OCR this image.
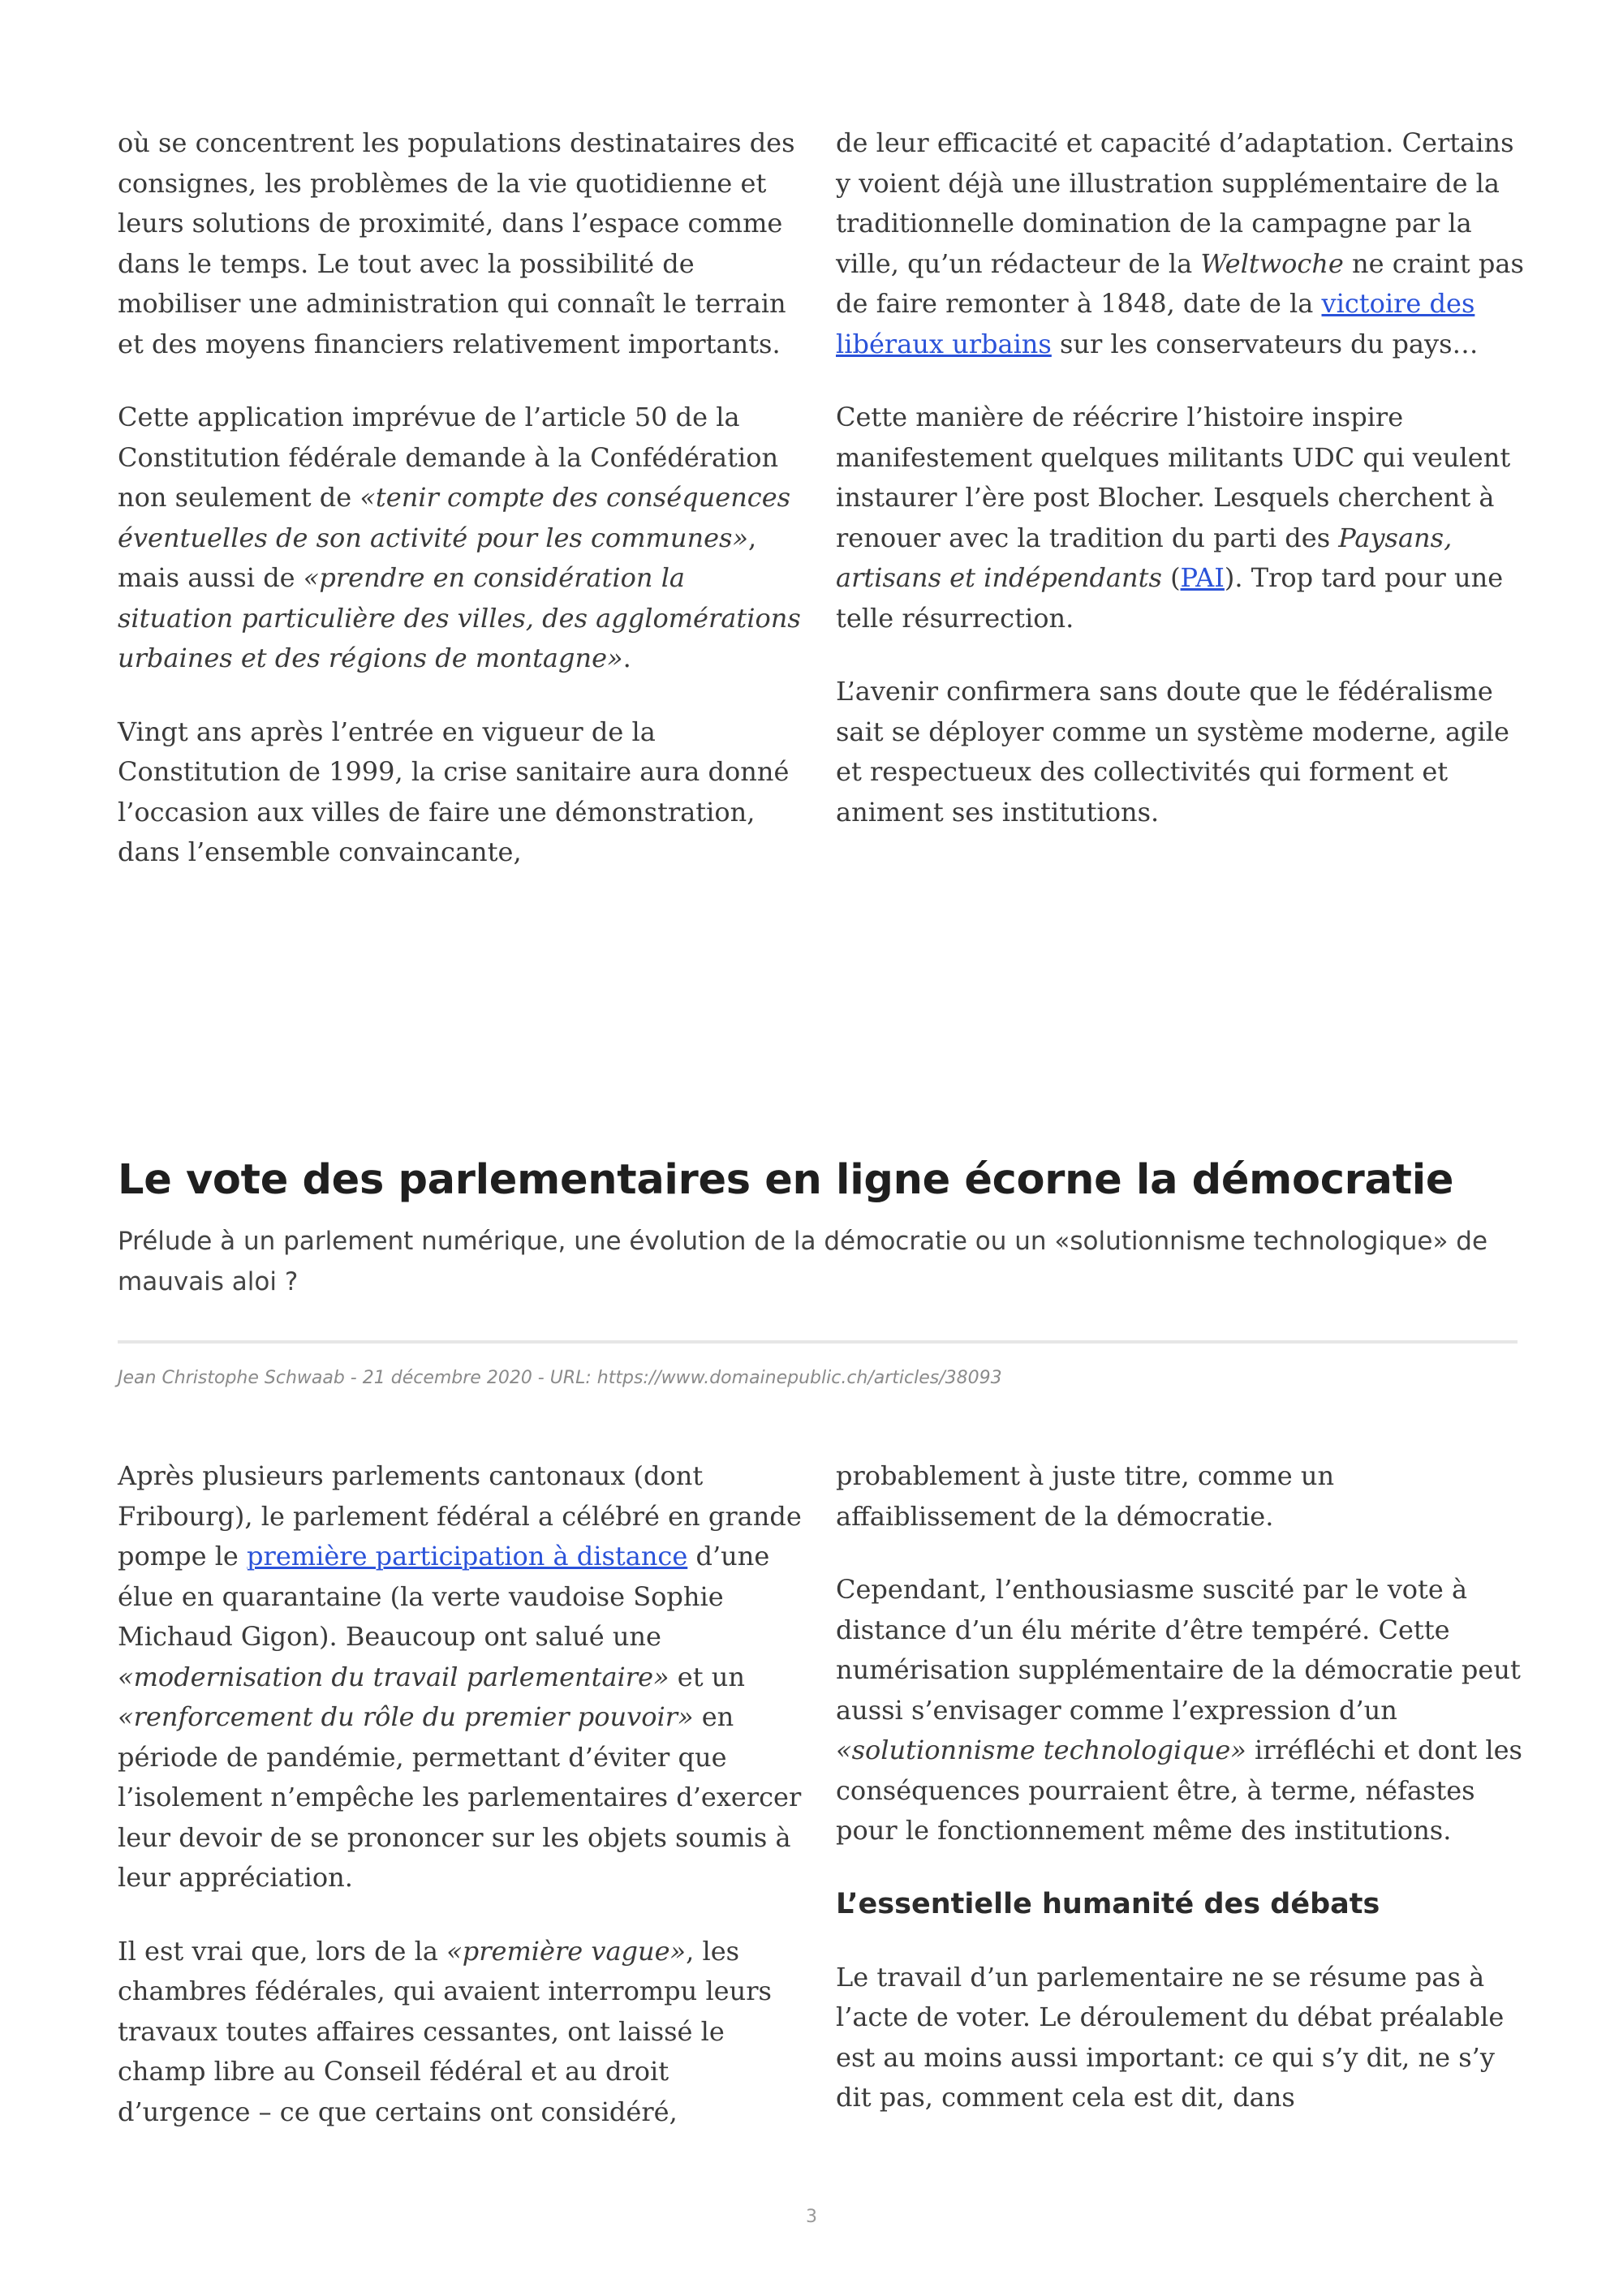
où se concentrent les populations destinataires des consignes, les problèmes de la vie quotidienne et leurs solutions de proximité, dans l’espace comme dans le temps. Le tout avec la possibilité de mobiliser une administration qui connaît le terrain et des moyens financiers relativement importants.

Cette application imprévue de l’article 50 de la Constitution fédérale demande à la Confédération non seulement de «tenir compte des conséquences éventuelles de son activité pour les communes», mais aussi de «prendre en considération la situation particulière des villes, des agglomérations urbaines et des régions de montagne».

Vingt ans après l’entrée en vigueur de la Constitution de 1999, la crise sanitaire aura donné l’occasion aux villes de faire une démonstration, dans l’ensemble convaincante,

de leur efficacité et capacité d’adaptation. Certains y voient déjà une illustration supplémentaire de la traditionnelle domination de la campagne par la ville, qu’un rédacteur de la Weltwoche ne craint pas de faire remonter à 1848, date de la victoire des libéraux urbains sur les conservateurs du pays…

Cette manière de réécrire l’histoire inspire manifestement quelques militants UDC qui veulent instaurer l’ère post Blocher. Lesquels cherchent à renouer avec la tradition du parti des Paysans, artisans et indépendants (PAI). Trop tard pour une telle résurrection.

L’avenir confirmera sans doute que le fédéralisme sait se déployer comme un système moderne, agile et respectueux des collectivités qui forment et animent ses institutions.

Le vote des parlementaires en ligne écorne la démocratie

Prélude à un parlement numérique, une évolution de la démocratie ou un «solutionnisme technologique» de mauvais aloi ?

Jean Christophe Schwaab - 21 décembre 2020 - URL: https://www.domainepublic.ch/articles/38093

Après plusieurs parlements cantonaux (dont Fribourg), le parlement fédéral a célébré en grande pompe le première participation à distance d’une élue en quarantaine (la verte vaudoise Sophie Michaud Gigon). Beaucoup ont salué une «modernisation du travail parlementaire» et un «renforcement du rôle du premier pouvoir» en période de pandémie, permettant d’éviter que l’isolement n’empêche les parlementaires d’exercer leur devoir de se prononcer sur les objets soumis à leur appréciation.

Il est vrai que, lors de la «première vague», les chambres fédérales, qui avaient interrompu leurs travaux toutes affaires cessantes, ont laissé le champ libre au Conseil fédéral et au droit d’urgence – ce que certains ont considéré,

probablement à juste titre, comme un affaiblissement de la démocratie.

Cependant, l’enthousiasme suscité par le vote à distance d’un élu mérite d’être tempéré. Cette numérisation supplémentaire de la démocratie peut aussi s’envisager comme l’expression d’un «solutionnisme technologique» irréfléchi et dont les conséquences pourraient être, à terme, néfastes pour le fonctionnement même des institutions.

L’essentielle humanité des débats

Le travail d’un parlementaire ne se résume pas à l’acte de voter. Le déroulement du débat préalable est au moins aussi important: ce qui s’y dit, ne s’y dit pas, comment cela est dit, dans

3
